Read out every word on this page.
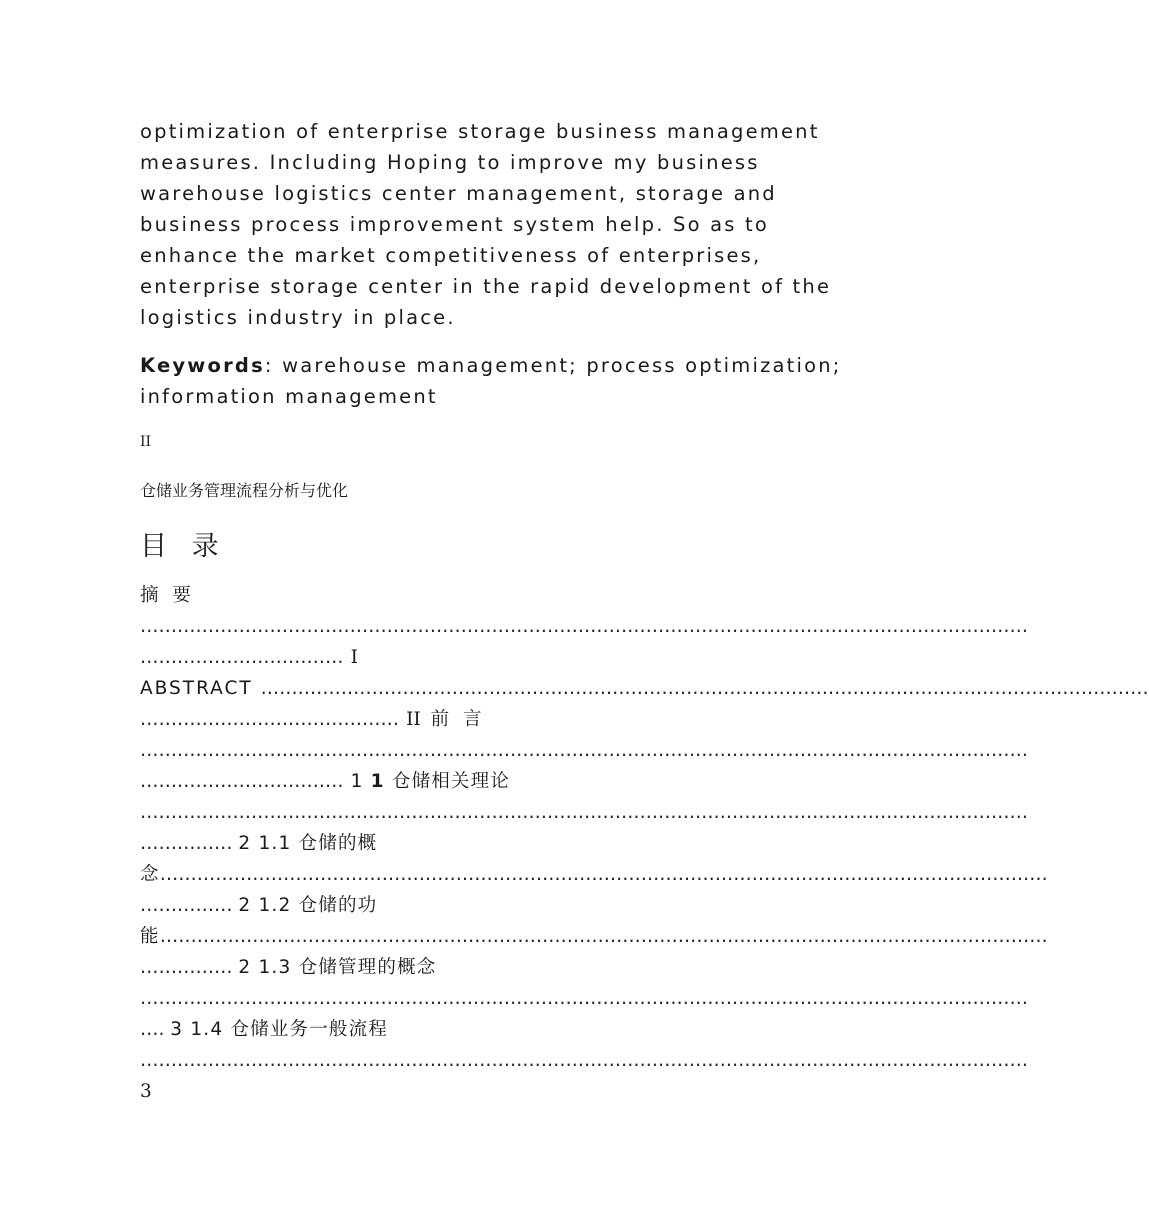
optimization of enterprise storage business management

measures. Including Hoping to improve my business

warehouse logistics center management, storage and

business process improvement system help. So as to

enhance the market competitiveness of enterprises,

enterprise storage center in the rapid development of the

logistics industry in place.

Keywords: warehouse management; process optimization;

information management

II
仓储业务管理流程分析与优化
目 录
摘 要
………………………………………………………………………………………………………………………………
…………………………… I
ABSTRACT ………………………………………………………………………………………………………………………………
…………………………………… II 前 言
………………………………………………………………………………………………………………………………
…………………………… 1 1 仓储相关理论
………………………………………………………………………………………………………………………………
…………… 2 1.1 仓储的概
念………………………………………………………………………………………………………………………………
…………… 2 1.2 仓储的功
能………………………………………………………………………………………………………………………………
…………… 2 1.3 仓储管理的概念
………………………………………………………………………………………………………………………………
…. 3 1.4 仓储业务一般流程
………………………………………………………………………………………………………………………………
3
